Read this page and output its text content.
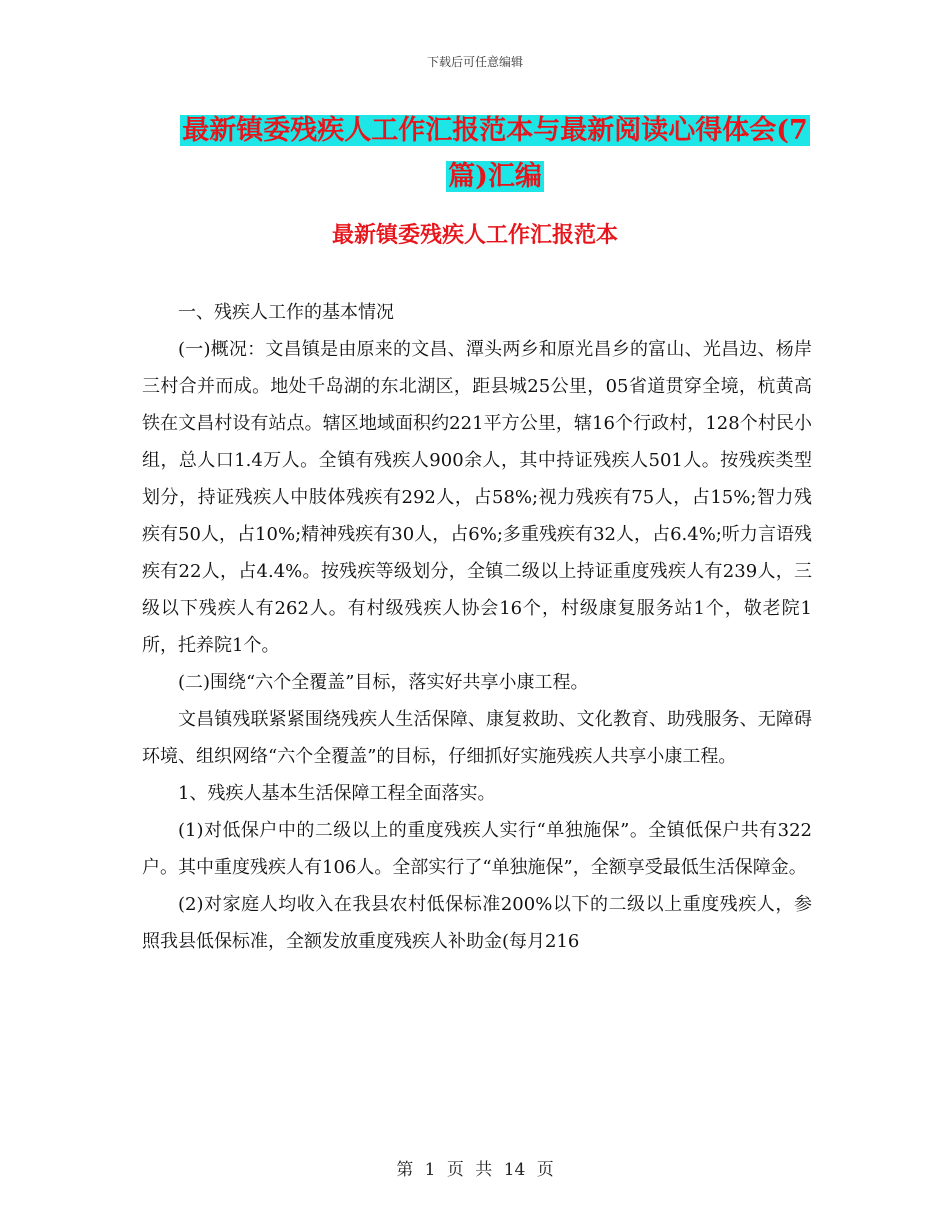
下载后可任意编辑
最新镇委残疾人工作汇报范本与最新阅读心得体会(7
篇)汇编
最新镇委残疾人工作汇报范本

一、残疾人工作的基本情况

(一)概况：文昌镇是由原来的文昌、潭头两乡和原光昌乡的富山、光昌边、杨岸三村合并而成。地处千岛湖的东北湖区，距县城25公里，05省道贯穿全境，杭黄高铁在文昌村设有站点。辖区地域面积约221平方公里，辖16个行政村，128个村民小组，总人口1.4万人。全镇有残疾人900余人，其中持证残疾人501人。按残疾类型划分，持证残疾人中肢体残疾有292人，占58%;视力残疾有75人，占15%;智力残疾有50人，占10%;精神残疾有30人，占6%;多重残疾有32人，占6.4%;听力言语残疾有22人，占4.4%。按残疾等级划分，全镇二级以上持证重度残疾人有239人，三级以下残疾人有262人。有村级残疾人协会16个，村级康复服务站1个，敬老院1所，托养院1个。

(二)围绕“六个全覆盖”目标，落实好共享小康工程。

文昌镇残联紧紧围绕残疾人生活保障、康复救助、文化教育、助残服务、无障碍环境、组织网络“六个全覆盖”的目标，仔细抓好实施残疾人共享小康工程。

1、残疾人基本生活保障工程全面落实。

(1)对低保户中的二级以上的重度残疾人实行“单独施保”。全镇低保户共有322户。其中重度残疾人有106人。全部实行了“单独施保”，全额享受最低生活保障金。

(2)对家庭人均收入在我县农村低保标准200%以下的二级以上重度残疾人，参照我县低保标准，全额发放重度残疾人补助金(每月216

第 1 页 共 14 页
